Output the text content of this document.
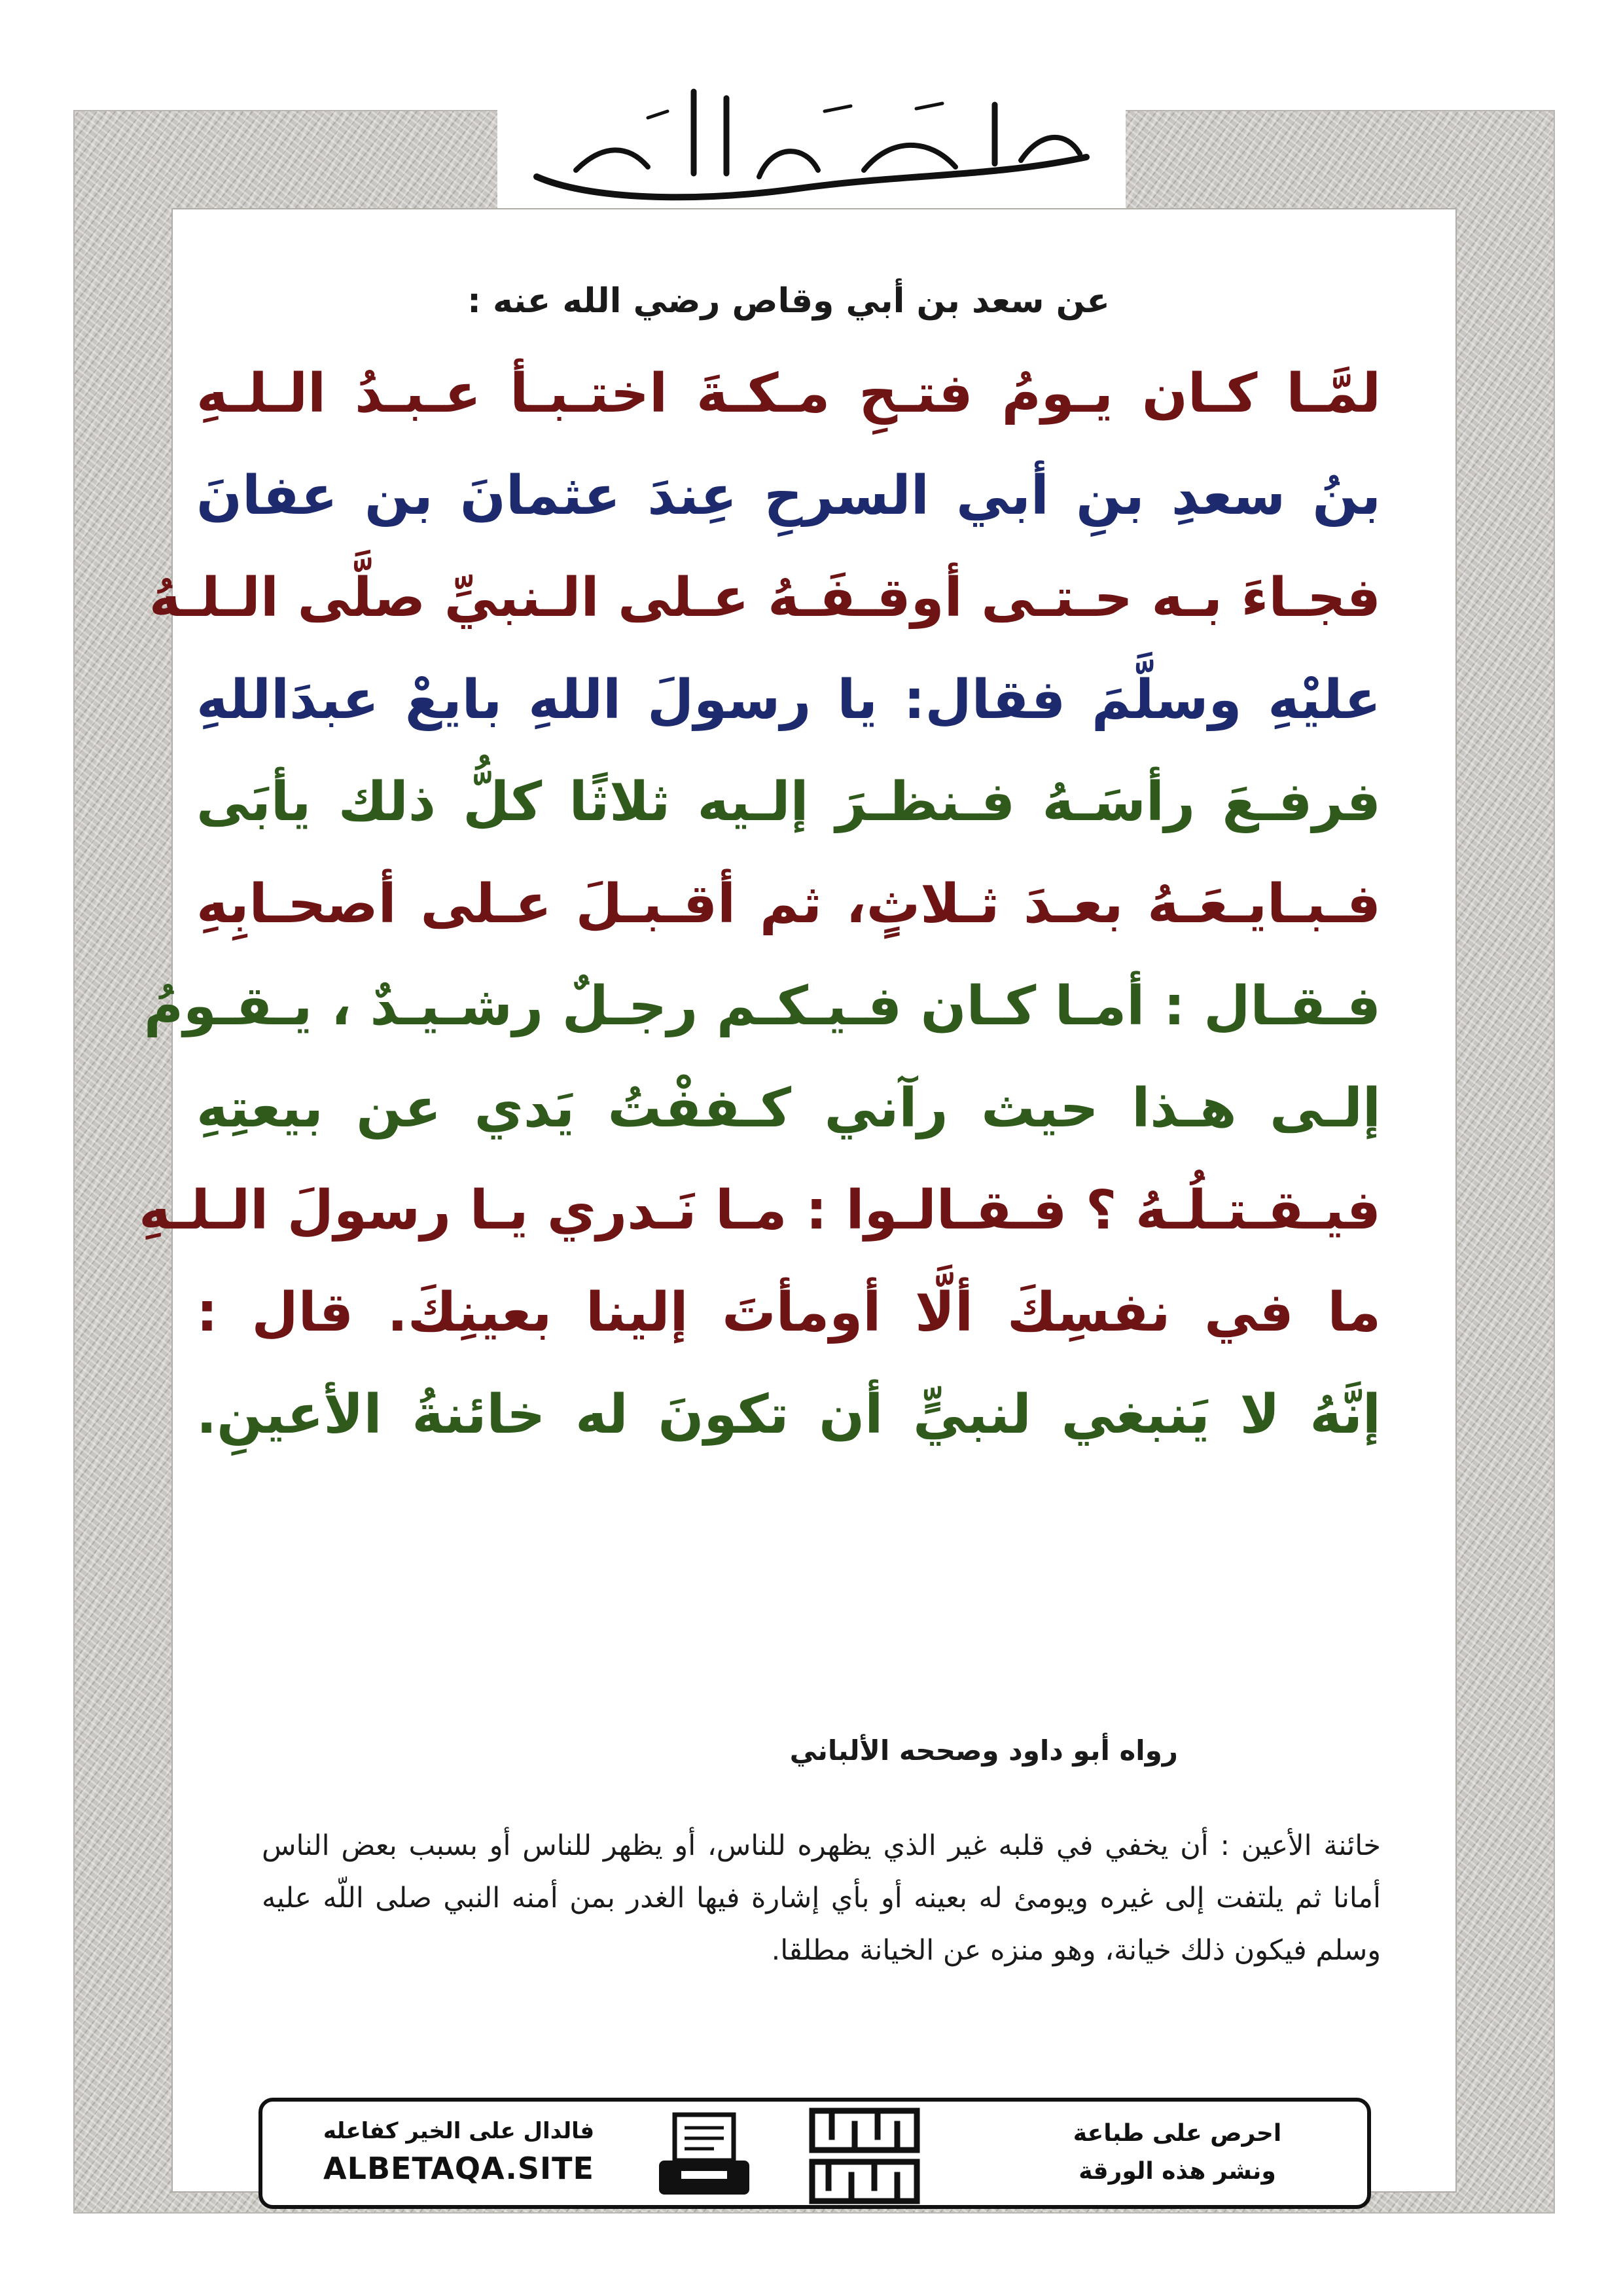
عن سعد بن أبي وقاص رضي الله عنه :
لمَّـا كـان يـومُ فتـحِ مـكـةَ اختـبـأ عـبـدُ الـلـهِ
بنُ سعدِ بنِ أبي السرحِ عِندَ عثمانَ بن عفانَ
فجـاءَ بـه حـتـى أوقـفَـهُ عـلى الـنبيِّ صلَّى الـلـهُ
عليْهِ وسلَّمَ فقال: يا رسولَ اللهِ بايعْ عبدَاللهِ
فرفـعَ رأسَـهُ فـنظـرَ إلـيه ثلاثًا كلُّ ذلك يأبَى
فـبـايـعَـهُ بعـدَ ثـلاثٍ، ثم أقـبـلَ عـلى أصحـابِهِ
فـقـال : أمـا كـان فـيـكـم رجـلٌ رشـيـدٌ ، يـقـومُ
إلـى هـذا حيث رآني كـففْتُ يَدي عن بيعتِهِ
فيـقـتـلُـهُ ؟ فـقـالـوا : مـا نَـدري يـا رسولَ الـلـهِ
ما في نفسِكَ ألَّا أومأتَ إلينا بعينِكَ. قال :
إنَّهُ لا يَنبغي لنبيٍّ أن تكونَ له خائنةُ الأعينِ.
رواه أبو داود وصححه الألباني
خائنة الأعين : أن يخفي في قلبه غير الذي يظهره للناس، أو يظهر للناس أو بسبب بعض الناس أمانا ثم يلتفت إلى غيره ويومئ له بعينه أو بأي إشارة فيها الغدر بمن أمنه النبي صلى اللّه عليه وسلم فيكون ذلك خيانة، وهو منزه عن الخيانة مطلقا.
فالدال على الخير كفاعله
ALBETAQA.SITE
احرص على طباعة
ونشر هذه الورقة
